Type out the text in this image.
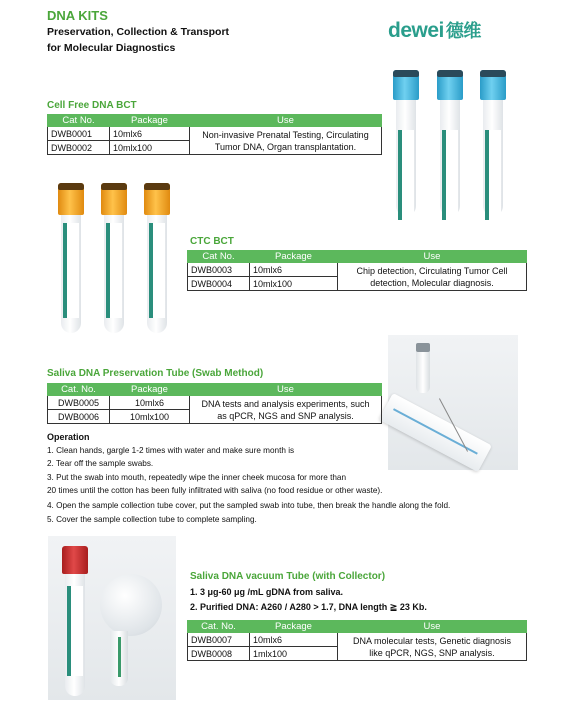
DNA KITS
Preservation, Collection & Transport
for Molecular Diagnostics
dewei 德维
Cell Free DNA BCT
Cat No.	Package	Use
DWB0001	10mlx6	Non-invasive Prenatal Testing, Circulating
Tumor DNA, Organ transplantation.

DWB0002	10mlx100	
CTC BCT
Cat No.	Package	Use
DWB0003	10mlx6	Chip detection, Circulating Tumor Cell
detection, Molecular diagnosis.

DWB0004	10mlx100	
Saliva DNA Preservation Tube (Swab Method)
Cat. No.	Package	Use
DWB0005	10mlx6	DNA tests and analysis experiments, such
as qPCR, NGS and SNP analysis.

DWB0006	10mlx100	
Operation
1. Clean hands, gargle 1-2 times with water and make sure month is
2. Tear off the sample swabs.
3. Put the swab into mouth, repeatedly wipe the inner cheek mucosa for more than
20 times until the cotton has been fully infiltrated with saliva (no food residue or other waste).
4. Open the sample collection tube cover, put the sampled swab into tube, then break the handle along the fold.
5. Cover the sample collection tube to complete sampling.
Saliva DNA vacuum Tube (with Collector)
1. 3 μg-60 μg /mL gDNA from saliva.
2. Purified DNA: A260 / A280 > 1.7, DNA length ≧ 23 Kb.
Cat. No.	Package	Use
DWB0007	10mlx6	DNA molecular tests, Genetic diagnosis
like qPCR, NGS, SNP analysis.

DWB0008	1mlx100	
